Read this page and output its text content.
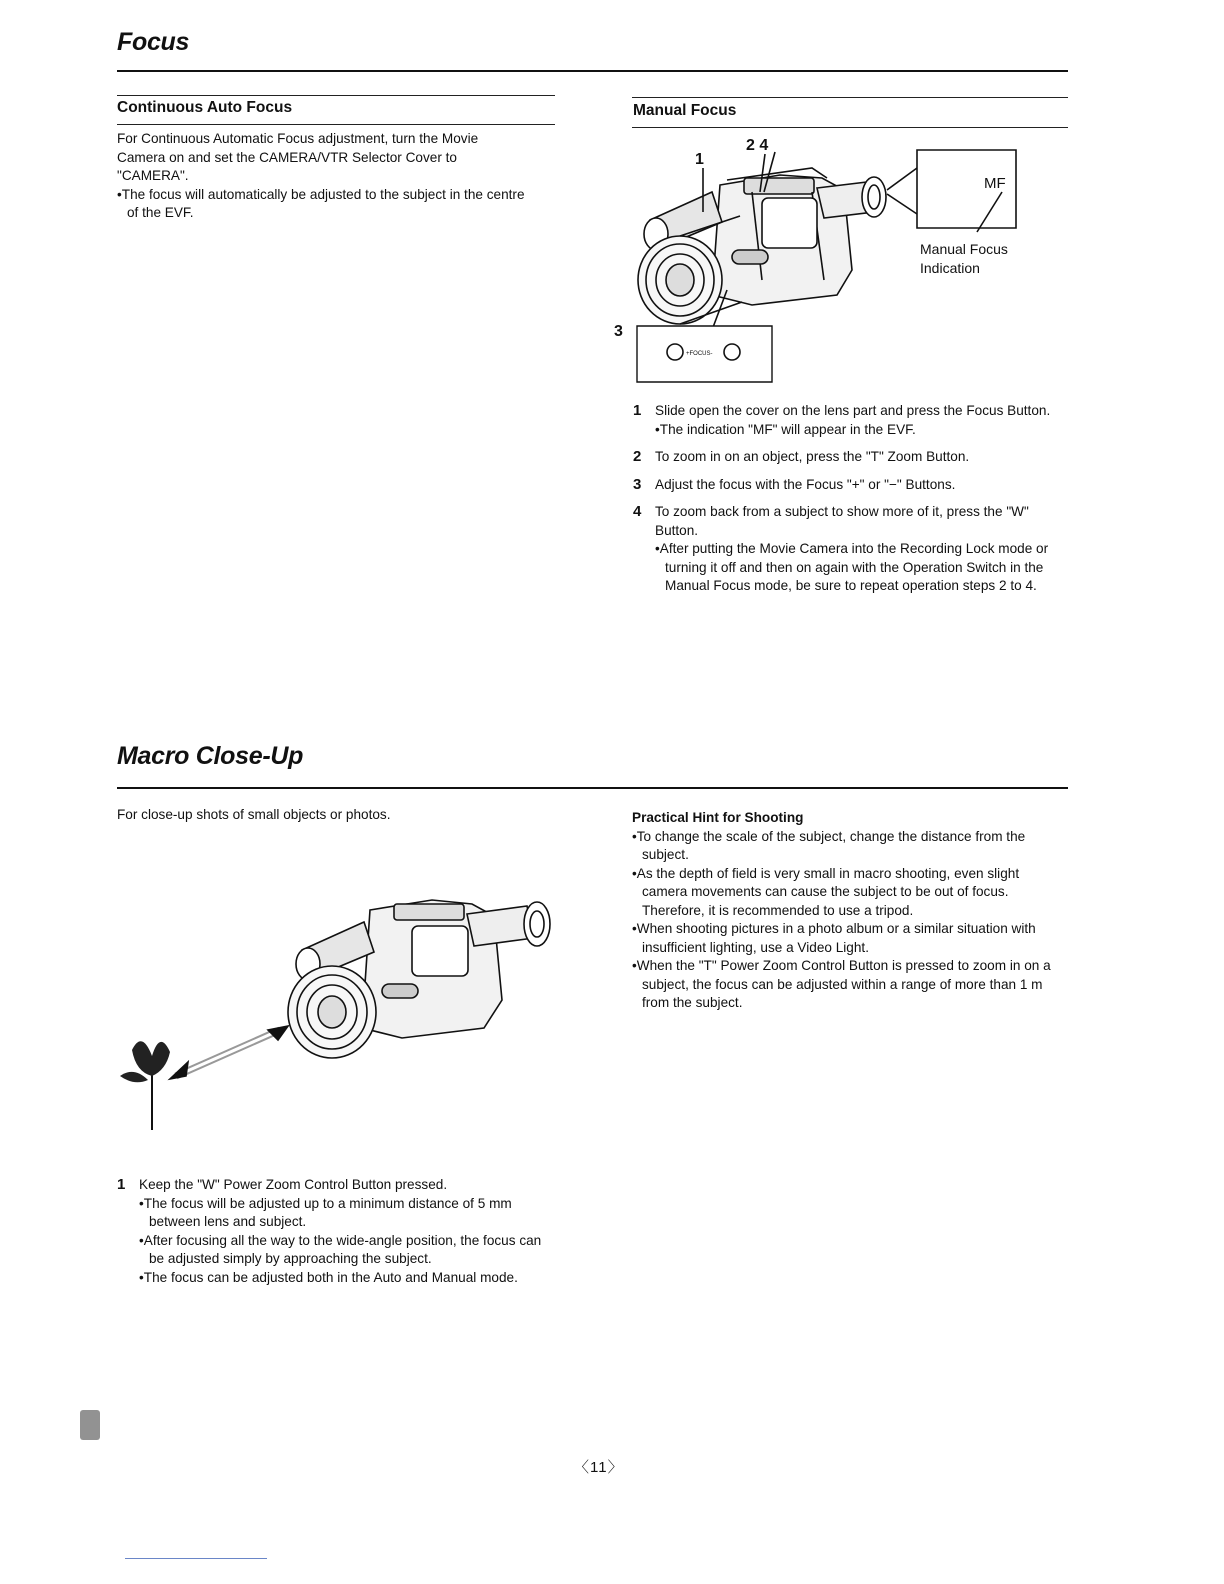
Focus
Continuous Auto Focus

For Continuous Automatic Focus adjustment, turn the Movie Camera on and set the CAMERA/VTR Selector Cover to "CAMERA".

• The focus will automatically be adjusted to the subject in the centre of the EVF.

Manual Focus
1
2 4
3
MF
Manual Focus
Indication
+FOCUS-
1 Slide open the cover on the lens part and press the Focus Button.
• The indication "MF" will appear in the EVF.
2 To zoom in on an object, press the "T" Zoom Button.
3 Adjust the focus with the Focus "+" or "−" Buttons.
4 To zoom back from a subject to show more of it, press the "W" Button.
• After putting the Movie Camera into the Recording Lock mode or turning it off and then on again with the Operation Switch in the Manual Focus mode, be sure to repeat operation steps 2 to 4.
Macro Close-Up

For close-up shots of small objects or photos.

1 Keep the "W" Power Zoom Control Button pressed.
• The focus will be adjusted up to a minimum distance of 5 mm between lens and subject.
• After focusing all the way to the wide-angle position, the focus can be adjusted simply by approaching the subject.
• The focus can be adjusted both in the Auto and Manual mode.

Practical Hint for Shooting

• To change the scale of the subject, change the distance from the subject.

• As the depth of field is very small in macro shooting, even slight camera movements can cause the subject to be out of focus. Therefore, it is recommended to use a tripod.

• When shooting pictures in a photo album or a similar situation with insufficient lighting, use a Video Light.

• When the "T" Power Zoom Control Button is pressed to zoom in on a subject, the focus can be adjusted within a range of more than 1 m from the subject.

〈11〉
